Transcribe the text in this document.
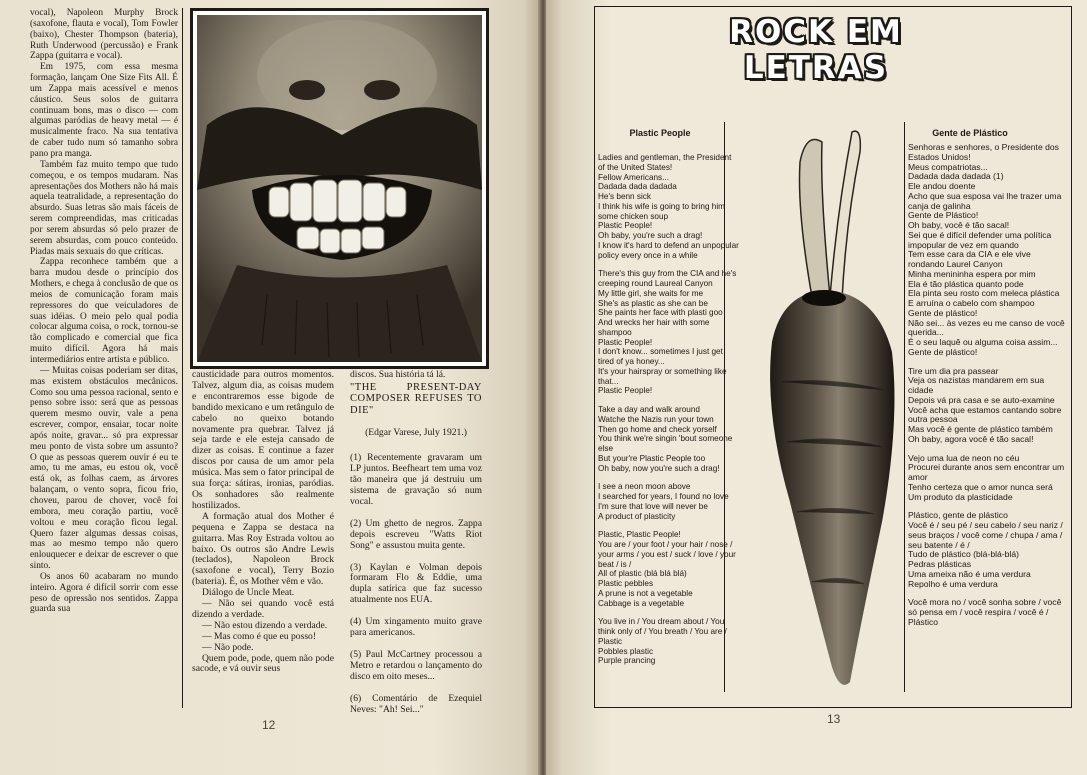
vocal), Napoleon Murphy Brock (saxofone, flauta e vocal), Tom Fowler (baixo), Chester Thompson (bateria), Ruth Underwood (percussão) e Frank Zappa (guitarra e vocal).

Em 1975, com essa mesma formação, lançam One Size Fits All. É um Zappa mais acessível e menos cáustico. Seus solos de guitarra continuam bons, mas o disco — com algumas paródias de heavy metal — é musicalmente fraco. Na sua tentativa de caber tudo num só tamanho sobra pano pra manga.

Também faz muito tempo que tudo começou, e os tempos mudaram. Nas apresentações dos Mothers não há mais aquela teatralidade, a representação do absurdo. Suas letras são mais fáceis de serem compreendidas, mas criticadas por serem absurdas só pelo prazer de serem absurdas, com pouco conteúdo. Piadas mais sexuais do que críticas.

Zappa reconhece também que a barra mudou desde o princípio dos Mothers, e chega à conclusão de que os meios de comunicação foram mais repressores do que veiculadores de suas idéias. O meio pelo qual podia colocar alguma coisa, o rock, tornou-se tão complicado e comercial que fica muito difícil. Agora há mais intermediários entre artista e público.

— Muitas coisas poderiam ser ditas, mas existem obstáculos mecânicos. Como sou uma pessoa racional, sento e penso sobre isso: será que as pessoas querem mesmo ouvir, vale a pena escrever, compor, ensaiar, tocar noite após noite, gravar... só pra expressar meu ponto de vista sobre um assunto? O que as pessoas querem ouvir é eu te amo, tu me amas, eu estou ok, você está ok, as folhas caem, as árvores balançam, o vento sopra, ficou frio, choveu, parou de chover, você foi embora, meu coração partiu, você voltou e meu coração ficou legal. Quero fazer algumas dessas coisas, mas ao mesmo tempo não quero enlouquecer e deixar de escrever o que sinto.

Os anos 60 acabaram no mundo inteiro. Agora é difícil sorrir com esse peso de opressão nos sentidos. Zappa guarda sua

causticidade para outros momentos. Talvez, algum dia, as coisas mudem e encontraremos esse bigode de bandido mexicano e um retângulo de cabelo no queixo botando novamente pra quebrar. Talvez já seja tarde e ele esteja cansado de dizer as coisas. E continue a fazer discos por causa de um amor pela música. Mas sem o fator principal de sua força: sátiras, ironias, paródias. Os sonhadores são realmente hostilizados.

A formação atual dos Mother é pequena e Zappa se destaca na guitarra. Mas Roy Estrada voltou ao baixo. Os outros são Andre Lewis (teclados), Napoleon Brock (saxofone e vocal), Terry Bozio (bateria). É, os Mother vêm e vão.

Diálogo de Uncle Meat.

— Não sei quando você está dizendo a verdade.

— Não estou dizendo a verdade.

— Mas como é que eu posso!

— Não pode.

Quem pode, pode, quem não pode sacode, e vá ouvir seus

discos. Sua história tá lá.

"THE PRESENT-DAY COMPOSER REFUSES TO DIE"

(Edgar Varese, July 1921.)

(1) Recentemente gravaram um LP juntos. Beefheart tem uma voz tão maneira que já destruiu um sistema de gravação só num vocal.

(2) Um ghetto de negros. Zappa depois escreveu "Watts Riot Song" e assustou muita gente.

(3) Kaylan e Volman depois formaram Flo & Eddie, uma dupla satírica que faz sucesso atualmente nos EUA.

(4) Um xingamento muito grave para americanos.

(5) Paul McCartney processou a Metro e retardou o lançamento do disco em oito meses...

(6) Comentário de Ezequiel Neves: "Ah! Sei..."

12
ROCK EM LETRAS
Plastic People
Ladies and gentleman, the President of the United States!
Fellow Americans...
Dadada dada dadada
He's benn sick
I think his wife is going to bring him some chicken soup
Plastic People!
Oh baby, you're such a drag!
I know it's hard to defend an unpopular policy every once in a while
There's this guy from the CIA and he's creeping round Laureal Canyon
My little girl, she waits for me
She's as plastic as she can be
She paints her face with plasti goo
And wrecks her hair with some shampoo
Plastic People!
I don't know... sometimes I just get tired of ya honey...
It's your hairspray or something like that...
Plastic People!
Take a day and walk around
Watche the Nazis run your town
Then go home and check yorself
You think we're singin 'bout someone else
But your're Plastic People too
Oh baby, now you're such a drag!
I see a neon moon above
I searched for years, I found no love
I'm sure that love will never be
A product of plasticity
Plastic, Plastic People!
You are / your foot / your hair / nose / your arms / you est / suck / love / your beat / is /
All of plastic (blá blá blá)
Plastic pebbles
A prune is not a vegetable
Cabbage is a vegetable
You live in / You dream about / You think only of / You breath / You are /
Plastic
Pobbles plastic
Purple prancing
Gente de Plástico
Senhoras e senhores, o Presidente dos Estados Unidos!
Meus compatriotas...
Dadada dada dadada (1)
Ele andou doente
Acho que sua esposa vai lhe trazer uma canja de galinha
Gente de Plástico!
Oh baby, você é tão sacal!
Sei que é difícil defender uma política impopular de vez em quando
Tem esse cara da CIA e ele vive rondando Laurel Canyon
Minha menininha espera por mim
Ela é tão plástica quanto pode
Ela pinta seu rosto com meleca plástica
E arruína o cabelo com shampoo
Gente de plástico!
Não sei... às vezes eu me canso de você querida...
É o seu laquê ou alguma coisa assim...
Gente de plástico!
Tire um dia pra passear
Veja os nazistas mandarem em sua cidade
Depois vá pra casa e se auto-examine
Você acha que estamos cantando sobre outra pessoa
Mas você é gente de plástico também
Oh baby, agora você é tão sacal!
Vejo uma lua de neon no céu
Procurei durante anos sem encontrar um amor
Tenho certeza que o amor nunca será
Um produto da plasticidade
Plástico, gente de plástico
Você é / seu pé / seu cabelo / seu nariz / seus braços / você come / chupa / ama / seu batente / é /
Tudo de plástico (blá-blá-blá)
Pedras plásticas
Uma ameixa não é uma verdura
Repolho é uma verdura
Você mora no / você sonha sobre / você só pensa em / você respira / você é /
Plástico
13
